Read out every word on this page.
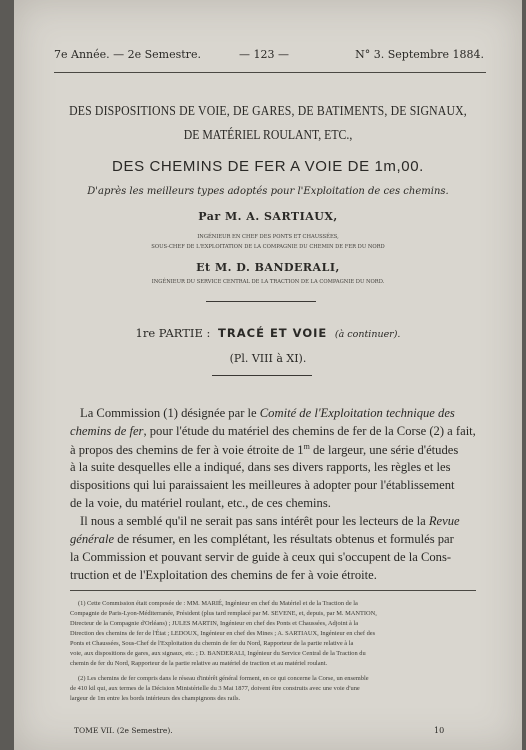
7e Année. — 2e Semestre.	— 123 —	N° 3. Septembre 1884.
DES DISPOSITIONS DE VOIE, DE GARES, DE BATIMENTS, DE SIGNAUX,
DE MATÉRIEL ROULANT, ETC.,
DES CHEMINS DE FER A VOIE DE 1m,00.
D'après les meilleurs types adoptés pour l'Exploitation de ces chemins.
Par M. A. SARTIAUX,
INGÉNIEUR EN CHEF DES PONTS ET CHAUSSÉES,
SOUS-CHEF DE L'EXPLOITATION DE LA COMPAGNIE DU CHEMIN DE FER DU NORD
Et M. D. BANDERALI,
INGÉNIEUR DU SERVICE CENTRAL DE LA TRACTION DE LA COMPAGNIE DU NORD.
1re PARTIE : TRACÉ ET VOIE (à continuer).
(Pl. VIII à XI).
La Commission (1) désignée par le Comité de l'Exploitation technique des
chemins de fer, pour l'étude du matériel des chemins de fer de la Corse (2) a fait,
à propos des chemins de fer à voie étroite de 1$^m$ de largeur, une série d'études
à la suite desquelles elle a indiqué, dans ses divers rapports, les règles et les
dispositions qui lui paraissaient les meilleures à adopter pour l'établissement
de la voie, du matériel roulant, etc., de ces chemins.
Il nous a semblé qu'il ne serait pas sans intérêt pour les lecteurs de la Revue
générale de résumer, en les complétant, les résultats obtenus et formulés par
la Commission et pouvant servir de guide à ceux qui s'occupent de la Cons-
truction et de l'Exploitation des chemins de fer à voie étroite.
(1) Cette Commission était composée de : MM. MARIÉ, Ingénieur en chef du Matériel et de la Traction de la
Compagnie de Paris-Lyon-Méditerranée, Président (plus tard remplacé par M. SEVENE, et, depuis, par M. MANTION,
Directeur de la Compagnie d'Orléans) ; JULES MARTIN, Ingénieur en chef des Ponts et Chaussées, Adjoint à la
Direction des chemins de fer de l'État ; LEDOUX, Ingénieur en chef des Mines ; A. SARTIAUX, Ingénieur en chef des
Ponts et Chaussées, Sous-Chef de l'Exploitation du chemin de fer du Nord, Rapporteur de la partie relative à la
voie, aux dispositions de gares, aux signaux, etc. ; D. BANDERALI, Ingénieur du Service Central de la Traction du
chemin de fer du Nord, Rapporteur de la partie relative au matériel de traction et au matériel roulant.
(2) Les chemins de fer compris dans le réseau d'intérêt général forment, en ce qui concerne la Corse, un ensemble
de 410 kil qui, aux termes de la Décision Ministérielle du 3 Mai 1877, doivent être construits avec une voie d'une
largeur de 1m entre les bords intérieurs des champignons des rails.
TOME VII. (2e Semestre).	10
